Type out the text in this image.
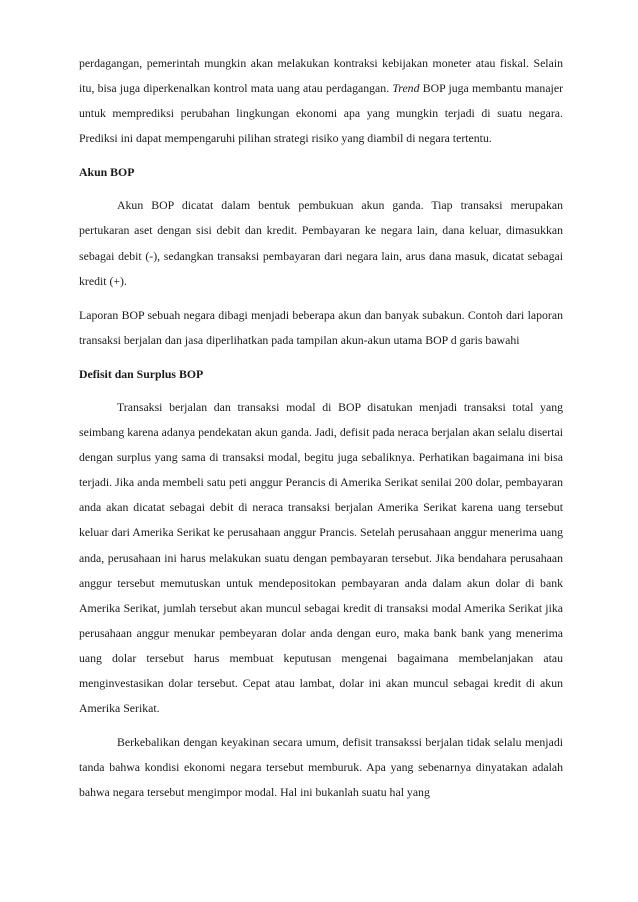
perdagangan, pemerintah mungkin akan melakukan kontraksi kebijakan moneter atau fiskal. Selain itu, bisa juga diperkenalkan kontrol mata uang atau perdagangan. Trend BOP juga membantu manajer untuk memprediksi perubahan lingkungan ekonomi apa yang mungkin terjadi di suatu negara. Prediksi ini dapat mempengaruhi pilihan strategi risiko yang diambil di negara tertentu.

Akun BOP

Akun BOP dicatat dalam bentuk pembukuan akun ganda. Tiap transaksi merupakan pertukaran aset dengan sisi debit dan kredit. Pembayaran ke negara lain, dana keluar, dimasukkan sebagai debit (-), sedangkan transaksi pembayaran dari negara lain, arus dana masuk, dicatat sebagai kredit (+).

Laporan BOP sebuah negara dibagi menjadi beberapa akun dan banyak subakun. Contoh dari laporan transaksi berjalan dan jasa diperlihatkan pada tampilan akun-akun utama BOP d garis bawahi

Defisit dan Surplus BOP

Transaksi berjalan dan transaksi modal di BOP disatukan menjadi transaksi total yang seimbang karena adanya pendekatan akun ganda. Jadi, defisit pada neraca berjalan akan selalu disertai dengan surplus yang sama di transaksi modal, begitu juga sebaliknya. Perhatikan bagaimana ini bisa terjadi. Jika anda membeli satu peti anggur Perancis di Amerika Serikat senilai 200 dolar, pembayaran anda akan dicatat sebagai debit di neraca transaksi berjalan Amerika Serikat karena uang tersebut keluar dari Amerika Serikat ke perusahaan anggur Prancis. Setelah perusahaan anggur menerima uang anda, perusahaan ini harus melakukan suatu dengan pembayaran tersebut. Jika bendahara perusahaan anggur tersebut memutuskan untuk mendepositokan pembayaran anda dalam akun dolar di bank Amerika Serikat, jumlah tersebut akan muncul sebagai kredit di transaksi modal Amerika Serikat jika perusahaan anggur menukar pembeyaran dolar anda dengan euro, maka bank bank yang menerima uang dolar tersebut harus membuat keputusan mengenai bagaimana membelanjakan atau menginvestasikan dolar tersebut. Cepat atau lambat, dolar ini akan muncul sebagai kredit di akun Amerika Serikat.

Berkebalikan dengan keyakinan secara umum, defisit transakssi berjalan tidak selalu menjadi tanda bahwa kondisi ekonomi negara tersebut memburuk. Apa yang sebenarnya dinyatakan adalah bahwa negara tersebut mengimpor modal. Hal ini bukanlah suatu hal yang
